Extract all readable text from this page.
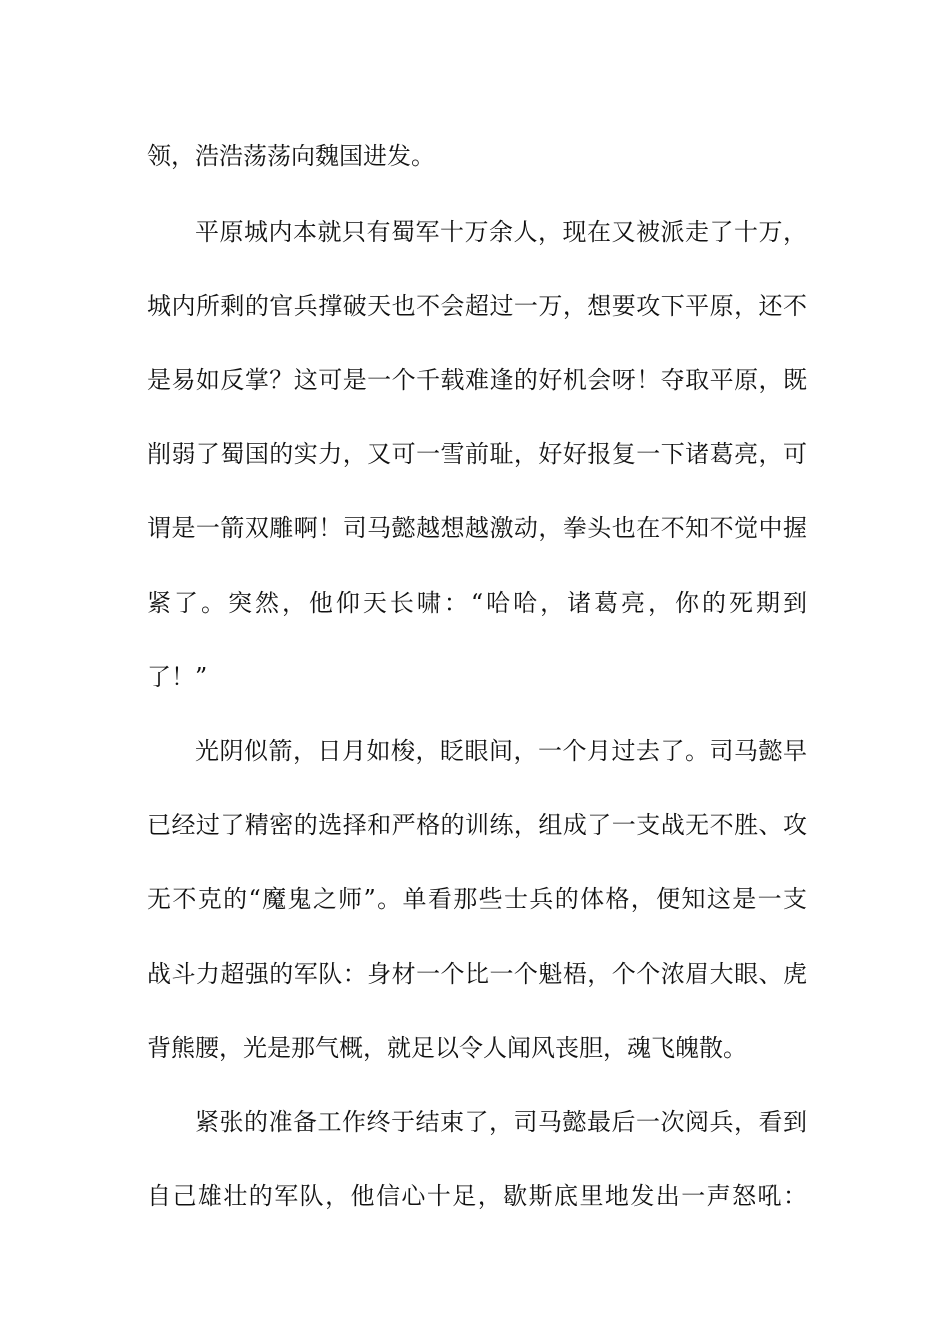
领，浩浩荡荡向魏国进发。
平原城内本就只有蜀军十万余人，现在又被派走了十万，
城内所剩的官兵撑破天也不会超过一万，想要攻下平原，还不
是易如反掌？这可是一个千载难逢的好机会呀！夺取平原，既
削弱了蜀国的实力，又可一雪前耻，好好报复一下诸葛亮，可
谓是一箭双雕啊！司马懿越想越激动，拳头也在不知不觉中握
紧了。突然，他仰天长啸：“哈哈，诸葛亮，你的死期到
了！”
光阴似箭，日月如梭，眨眼间，一个月过去了。司马懿早
已经过了精密的选择和严格的训练，组成了一支战无不胜、攻
无不克的“魔鬼之师”。单看那些士兵的体格，便知这是一支
战斗力超强的军队：身材一个比一个魁梧，个个浓眉大眼、虎
背熊腰，光是那气概，就足以令人闻风丧胆，魂飞魄散。
紧张的准备工作终于结束了，司马懿最后一次阅兵，看到
自己雄壮的军队，他信心十足，歇斯底里地发出一声怒吼：
